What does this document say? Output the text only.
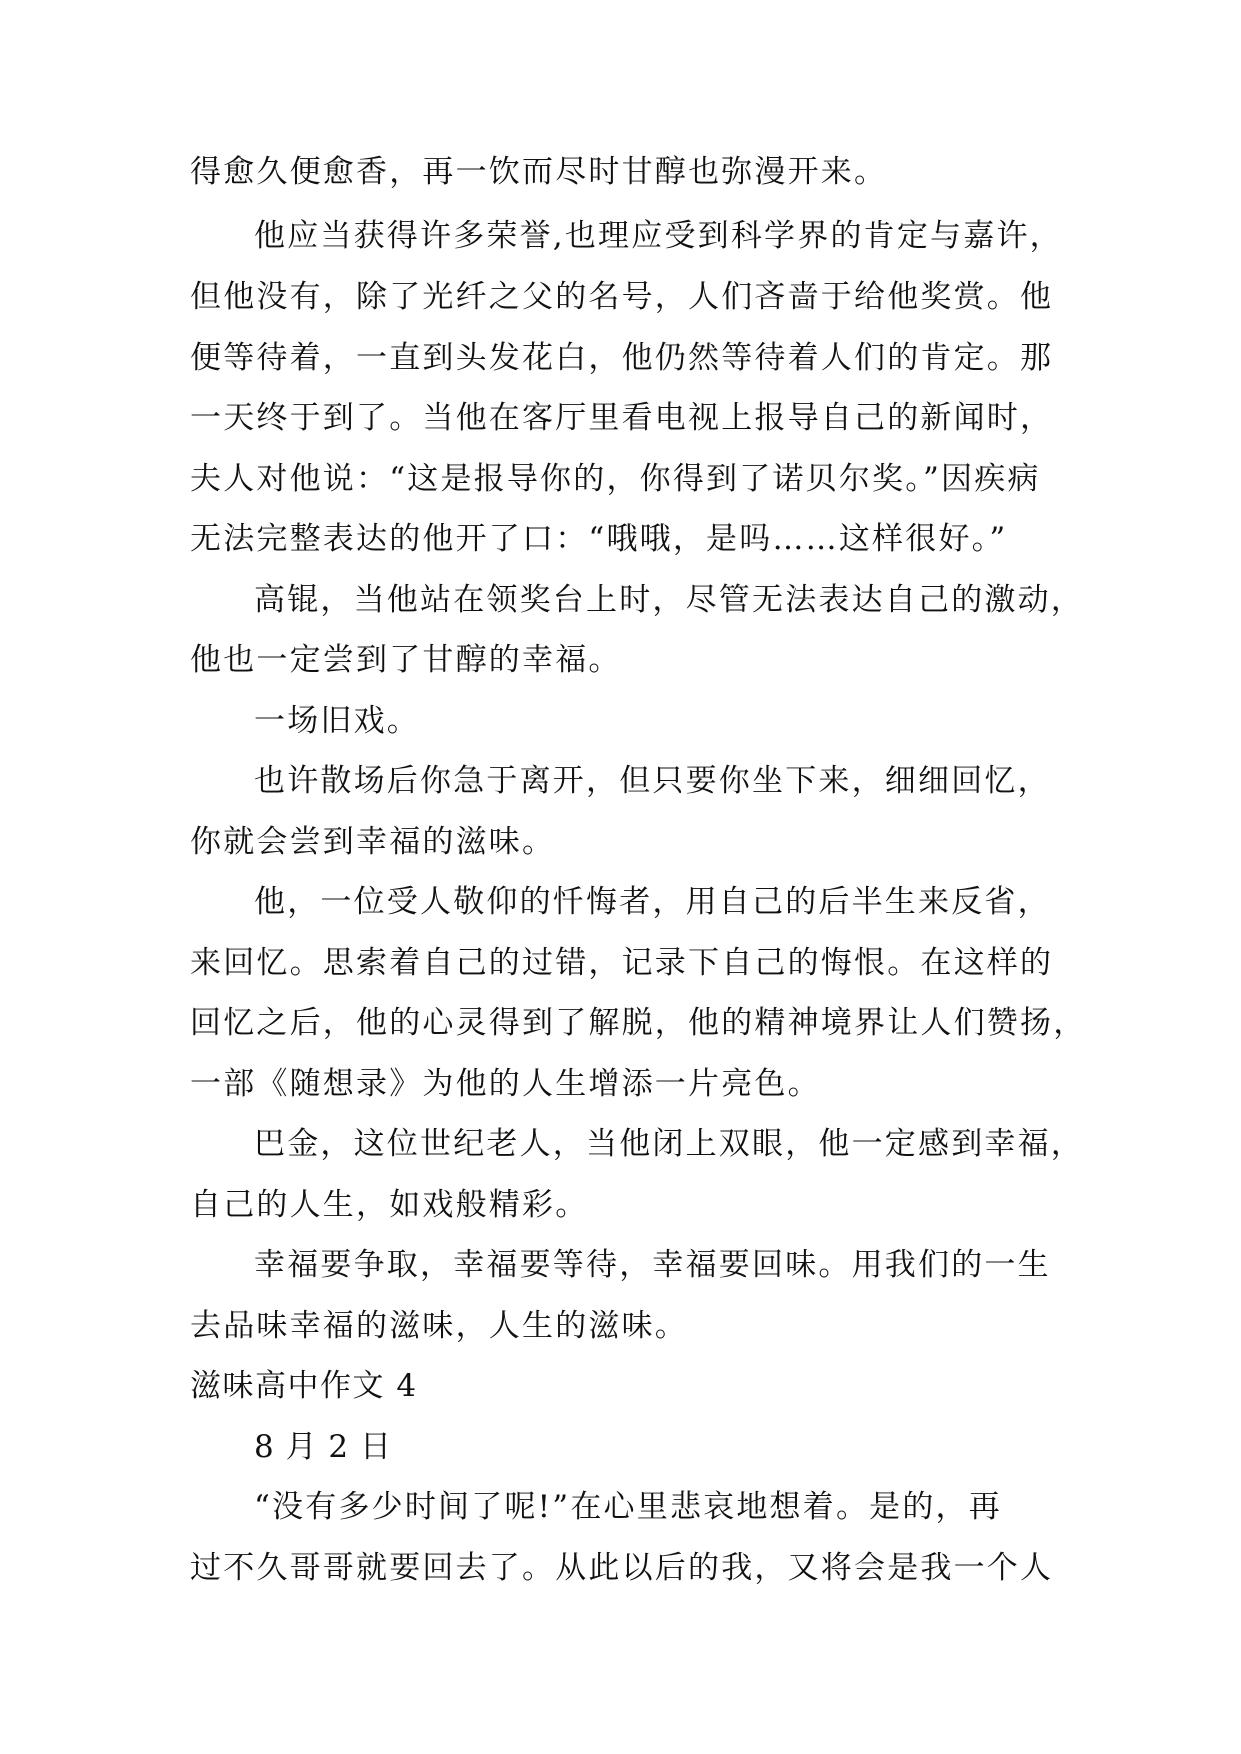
得愈久便愈香，再一饮而尽时甘醇也弥漫开来。
他应当获得许多荣誉,也理应受到科学界的肯定与嘉许，
但他没有，除了光纤之父的名号，人们吝啬于给他奖赏。他
便等待着，一直到头发花白，他仍然等待着人们的肯定。那
一天终于到了。当他在客厅里看电视上报导自己的新闻时，
夫人对他说：“这是报导你的，你得到了诺贝尔奖。”因疾病
无法完整表达的他开了口：“哦哦，是吗……这样很好。”
高锟，当他站在领奖台上时，尽管无法表达自己的激动，
他也一定尝到了甘醇的幸福。
一场旧戏。
也许散场后你急于离开，但只要你坐下来，细细回忆，
你就会尝到幸福的滋味。
他，一位受人敬仰的忏悔者，用自己的后半生来反省，
来回忆。思索着自己的过错，记录下自己的悔恨。在这样的
回忆之后，他的心灵得到了解脱，他的精神境界让人们赞扬，
一部《随想录》为他的人生增添一片亮色。
巴金，这位世纪老人，当他闭上双眼，他一定感到幸福，
自己的人生，如戏般精彩。
幸福要争取，幸福要等待，幸福要回味。用我们的一生
去品味幸福的滋味，人生的滋味。
滋味高中作文 4
8 月 2 日
“没有多少时间了呢!”在心里悲哀地想着。是的，再
过不久哥哥就要回去了。从此以后的我，又将会是我一个人
